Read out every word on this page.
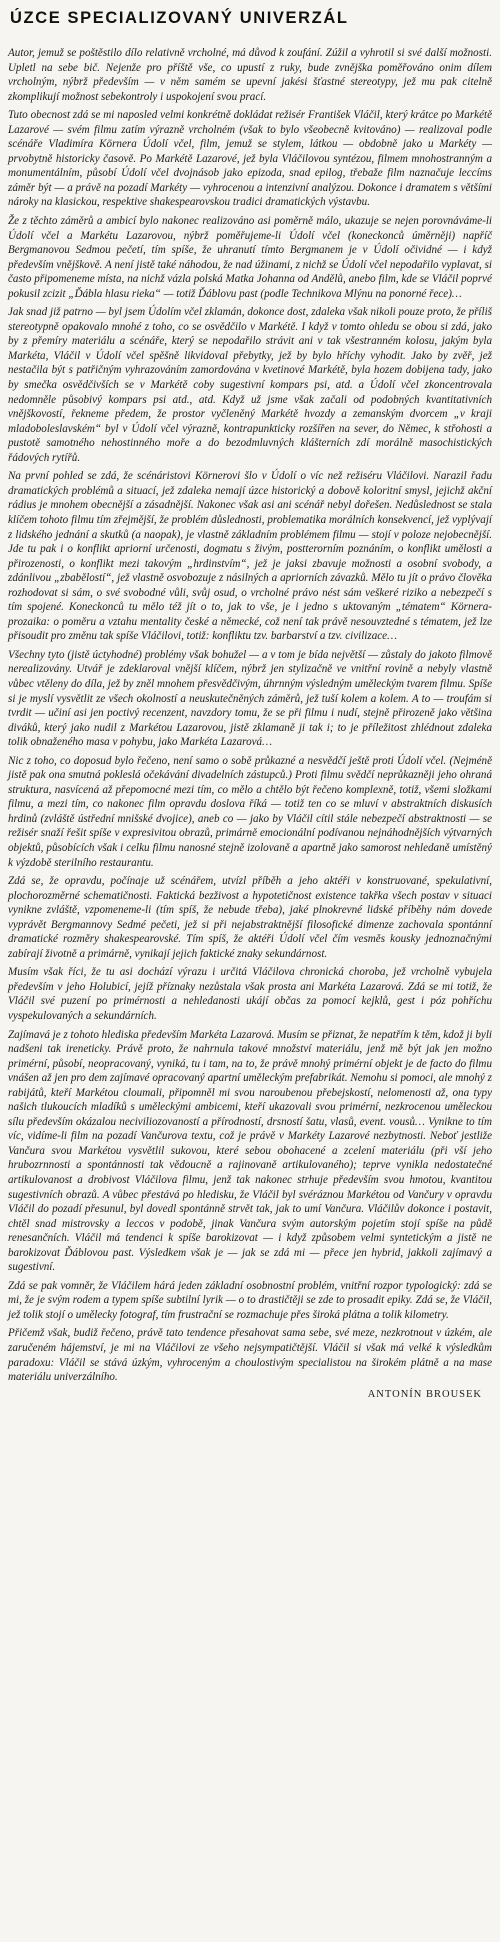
ÚZCE SPECIALIZOVANÝ UNIVERZÁL

Autor, jemuž se poštěstilo dílo relativně vrcholné, má důvod k zoufání. Zúžil a vyhrotil si své další možnosti. Upletl na sebe bič. Nejenže pro příště vše, co upustí z ruky, bude zvnějška poměřováno onim dílem vrcholným, nýbrž především — v něm samém se upevní jakési šťastné stereotypy, jež mu pak citelně zkomplikují možnost sebekontroly i uspokojení svou prací.

Tuto obecnost zdá se mi naposled velmi konkrétně dokládat režisér František Vláčil, který krátce po Markétě Lazarové — svém filmu zatím výrazně vrcholném (však to bylo všeobecně kvitováno) — realizoval podle scénáře Vladimíra Körnera Údolí včel, film, jemuž se stylem, látkou — obdobně jako u Markéty — prvobytně historicky časově. Po Markétě Lazarové, jež byla Vláčilovou syntézou, filmem mnohostranným a monumentálním, působí Údolí včel dvojnásob jako epizoda, snad epilog, třebaže film naznačuje leccíms záměr být — a právě na pozadí Markéty — vyhrocenou a intenzivní analýzou. Dokonce i dramatem s většími nároky na klasickou, respektive shakespearovskou tradici dramatických výstavbu.

Že z těchto záměrů a ambicí bylo nakonec realizováno asi poměrně málo, ukazuje se nejen porovnáváme-li Údolí včel a Markétu Lazarovou, nýbrž poměřujeme-li Údolí včel (koneckonců úměrněji) napříč Bergmanovou Sedmou pečetí, tím spíše, že uhranutí tímto Bergmanem je v Údolí očividné — i když především vnějškově. A není jistě také náhodou, že nad úžinami, z nichž se Údolí včel nepodařilo vyplavat, si často připomeneme místa, na nichž vázla polská Matka Johanna od Andělů, anebo film, kde se Vláčil poprvé pokusil zcizit „Ďábla hlasu rieka“ — totiž Ďáblovu past (podle Technikova Mlýnu na ponorné řece)…

Jak snad již patrno — byl jsem Údolím včel zklamán, dokonce dost, zdaleka však nikoli pouze proto, že příliš stereotypně opakovalo mnohé z toho, co se osvědčilo v Markétě. I když v tomto ohledu se obou si zdá, jako by z přemíry materiálu a scénáře, který se nepodařilo strávit ani v tak všestranném kolosu, jakým byla Markéta, Vláčil v Údolí včel spěšně likvidoval přebytky, jež by bylo hříchy vyhodit. Jako by zvěř, jež nestačila být s patřičným vyhrazováním zamordována v kvetinové Markétě, byla hozem dobijena tady, jako by smečka osvědčivších se v Markétě coby sugestivní kompars psi, atd. a Údolí včel zkoncentrovala nedomněle působivý kompars psi atd., atd. Když už jsme však začali od podobných kvantitativních vnějškovostí, řekneme předem, že prostor vyčleněný Markétě hvozdy a zemanským dvorcem „v kraji mladoboleslavském“ byl v Údolí včel výrazně, kontrapunkticky rozšířen na sever, do Němec, k střohosti a pustotě samotného nehostinného moře a do bezodmluvných klášterních zdí morálně masochistických řádových rytířů.

Na první pohled se zdá, že scénáristovi Körnerovi šlo v Údolí o víc než režiséru Vláčilovi. Narazil řadu dramatických problémů a situací, jež zdaleka nemají úzce historický a dobově koloritní smysl, jejichž akční rádius je mnohem obecnější a zásadnější. Nakonec však asi ani scénář nebyl dořešen. Nedůslednost se stala klíčem tohoto filmu tím zřejmější, že problém důslednosti, problematika morálních konsekvencí, jež vyplývají z lidského jednání a skutků (a naopak), je vlastně základním problémem filmu — stojí v poloze nejobecnější. Jde tu pak i o konflikt apriorní určenosti, dogmatu s živým, postterorním poznáním, o konflikt umělosti a přirozenosti, o konflikt mezi takovým „hrdinstvím“, jež je jaksi zbavuje možnosti a osobní svobody, a zdánlivou „zbabělostí“, jež vlastně osvobozuje z násilných a apriorních závazků. Mělo tu jít o právo člověka rozhodovat si sám, o své svobodné vůli, svůj osud, o vrcholné právo nést sám veškeré riziko a nebezpečí s tím spojené. Koneckonců tu mělo též jít o to, jak to vše, je i jedno s uktovaným „tématem“ Körnera-prozaika: o poměru a vztahu mentality české a německé, což není tak právě nesouvztedné s tématem, jež lze přisoudit pro změnu tak spíše Vláčilovi, totiž: konfliktu tzv. barbarství a tzv. civilizace…

Všechny tyto (jistě úctyhodné) problémy však bohužel — a v tom je bída největší — zůstaly do jakoto filmově nerealizovány. Utvář je zdeklaroval vnější klíčem, nýbrž jen stylizačně ve vnitřní rovině a nebyly vlastně vůbec vtěleny do díla, jež by zněl mnohem přesvědčivým, úhrnným výsledným uměleckým tvarem filmu. Spíše si je myslí vysvětlit ze všech okolností a neuskutečněných záměrů, jež tuší kolem a kolem. A to — troufám si tvrdit — učiní asi jen poctivý recenzent, navzdory tomu, že se při filmu i nudí, stejně přirozeně jako většina diváků, který jako nudil z Markétou Lazarovou, jistě zklamaně ji tak i; to je příležitost zhlédnout zdaleka tolik obnaženého masa v pohybu, jako Markéta Lazarová…

Nic z toho, co doposud bylo řečeno, není samo o sobě průkazné a nesvědčí ještě proti Údolí včel. (Nejméně jistě pak ona smutná pokleslá očekávání divadelních zástupců.) Proti filmu svědčí neprůkazněji jeho ohraná struktura, nasvícená až přepomocné mezi tím, co mělo a chtělo být řečeno komplexně, totiž, všemi složkami filmu, a mezi tím, co nakonec film opravdu doslova říká — totiž ten co se mluví v abstraktních diskusích hrdinů (zvláště ústřední mnišské dvojice), aneb co — jako by Vláčil cítil stále nebezpečí abstraktnosti — se režisér snaží řešit spíše v expresivitou obrazů, primárně emocionální podívanou nejnáhodnějších výtvarných objektů, působících však i celku filmu nanosné stejně izolovaně a apartně jako samorost nehledaně umístěný k výzdobě sterilního restaurantu.

Zdá se, že opravdu, počínaje už scénářem, utvízl příběh a jeho aktéři v konstruované, spekulativní, plochorozměrné schematičnosti. Faktická bezživost a hypotetičnost existence takřka všech postav v situaci vynikne zvláště, vzpomeneme-li (tím spíš, že nebude třeba), jaké plnokrevné lidské příběhy nám dovede vyprávět Bergmannovy Sedmé pečeti, jež si při nejabstraktnější filosofické dimenze zachovala spontánní dramatické rozměry shakespearovské. Tím spíš, že aktéři Údolí včel čím vesměs kousky jednoznačnými zabírají životně a primárně, vynikají jejich faktické znaky sekundárnost.

Musím však říci, že tu asi dochází výrazu i určitá Vláčilova chronická choroba, jež vrcholně vybujela především v jeho Holubicí, jejíž příznaky nezůstala však prosta ani Markéta Lazarová. Zdá se mi totiž, že Vláčil své puzení po primérnosti a nehledanosti ukájí občas za pomocí kejklů, gest i póz pohříchu vyspekulovaných a sekundárních.

Zajímavá je z tohoto hlediska především Markéta Lazarová. Musím se přiznat, že nepatřím k těm, kdož ji byli nadšeni tak ireneticky. Právě proto, že nahrnula takové množství materiálu, jenž mě být jak jen možno primérní, působí, neopracovaný, vyniká, tu i tam, na to, že právě mnohý primérní objekt je de facto do filmu vnášen až jen pro dem zajímavé opracovaný apartní uměleckým prefabrikát. Nemohu si pomoci, ale mnohý z rabijátů, kteří Markétou cloumali, připomněl mi svou naroubenou přebejskostí, nelomenosti až, ona typy našich tlukoucích mladíků s uměleckými ambicemi, kteří ukazovali svou primérní, nezkrocenou uměleckou sílu především okázalou neciviliozovaností a přírodností, drsností šatu, vlasů, event. vousů… Vynikne to tím víc, vidíme-li film na pozadí Vančurova textu, což je právě v Markéty Lazarové nezbytnosti. Neboť jestliže Vančura svou Markétou vysvětlil sukovou, které sebou obohacené a zcelení materiálu (při vší jeho hrubozrnnosti a spontánnosti tak vědoucně a rajinovaně artikulovaného); teprve vynikla nedostatečné artikulovanost a drobivost Vláčilova filmu, jenž tak nakonec strhuje především svou hmotou, kvantitou sugestivních obrazů. A vůbec přestává po hledisku, že Vláčil byl svéráznou Markétou od Vančury v opravdu Vláčil do pozadí přesunul, byl dovedl spontánně strvět tak, jak to umí Vančura. Vláčilův dokonce i postavit, chtěl snad mistrovsky a leccos v podobě, jinak Vančura svým autorským pojetím stojí spíše na půdě renesančních. Vláčil má tendenci k spíše barokizovat — i když způsobem velmi syntetickým a jistě ne barokizovat Ďáblovou past. Výsledkem však je — jak se zdá mi — přece jen hybrid, jakkoli zajímavý a sugestivní.

Zdá se pak vomněr, že Vláčilem hárá jeden základní osobnostní problém, vnitřní rozpor typologický: zdá se mi, že je svým rodem a typem spíše subtilní lyrik — o to drastičtěji se zde to prosadit epiky. Zdá se, že Vláčil, jež tolik stojí o umělecky fotograf, tím frustrační se rozmachuje přes široká plátna a tolik kilometry.

Přičemž však, budiž řečeno, právě tato tendence přesahovat sama sebe, své meze, nezkrotnout v úzkém, ale zaručeném hájemství, je mi na Vláčilovi ze všeho nejsympatičtější. Vláčil si však má velké k výsledkům paradoxu: Vláčil se stává úzkým, vyhroceným a choulostivým specialistou na širokém plátně a na mase materiálu univerzálního.

ANTONÍN BROUSEK
